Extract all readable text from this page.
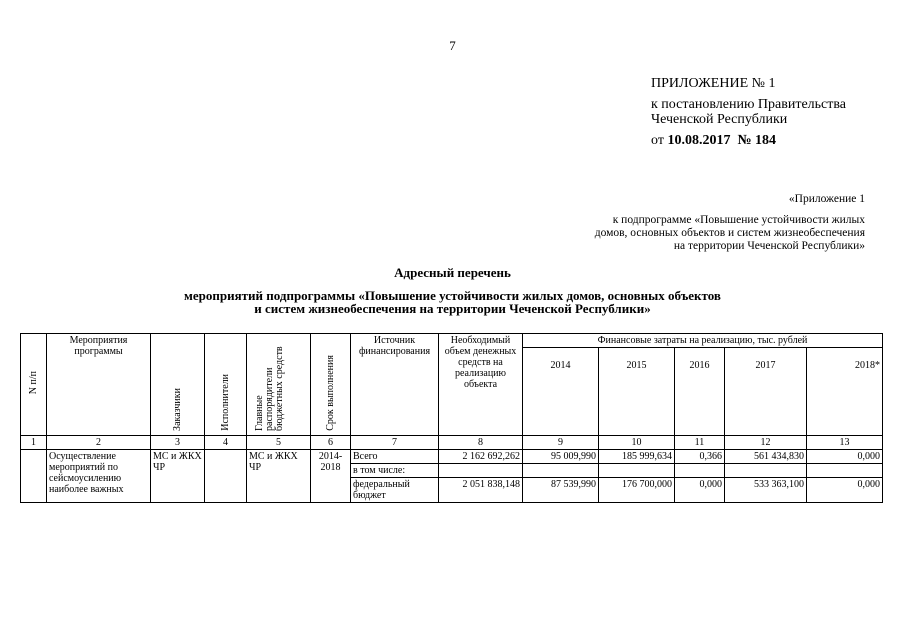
7
ПРИЛОЖЕНИЕ № 1
к постановлению Правительства
Чеченской Республики
от 10.08.2017 № 184
«Приложение 1
к подпрограмме «Повышение устойчивости жилых
домов, основных объектов и систем жизнеобеспечения
на территории Чеченской Республики»
Адресный перечень
мероприятий подпрограммы «Повышение устойчивости жилых домов, основных объектов
и систем жизнеобеспечения на территории Чеченской Республики»
N п/п	Мероприятия программы	Заказчики	Исполнители	Главные распорядители бюджетных средств	Срок выполнения	Источник финансирования	Необходимый объем денежных средств на реализацию объекта	Финансовые затраты на реализацию, тыс. рублей				
								2014	2015	2016	2017	2018*
1	2	3	4	5	6	7	8	9	10	11	12	13
	Осуществление мероприятий по сейсмоусилению наиболее важных	МС и ЖКХ ЧР		МС и ЖКХ ЧР	2014-2018	Всего	2 162 692,262	95 009,990	185 999,634	0,366	561 434,830	0,000
						в том числе:						
						федеральный бюджет	2 051 838,148	87 539,990	176 700,000	0,000	533 363,100	0,000
